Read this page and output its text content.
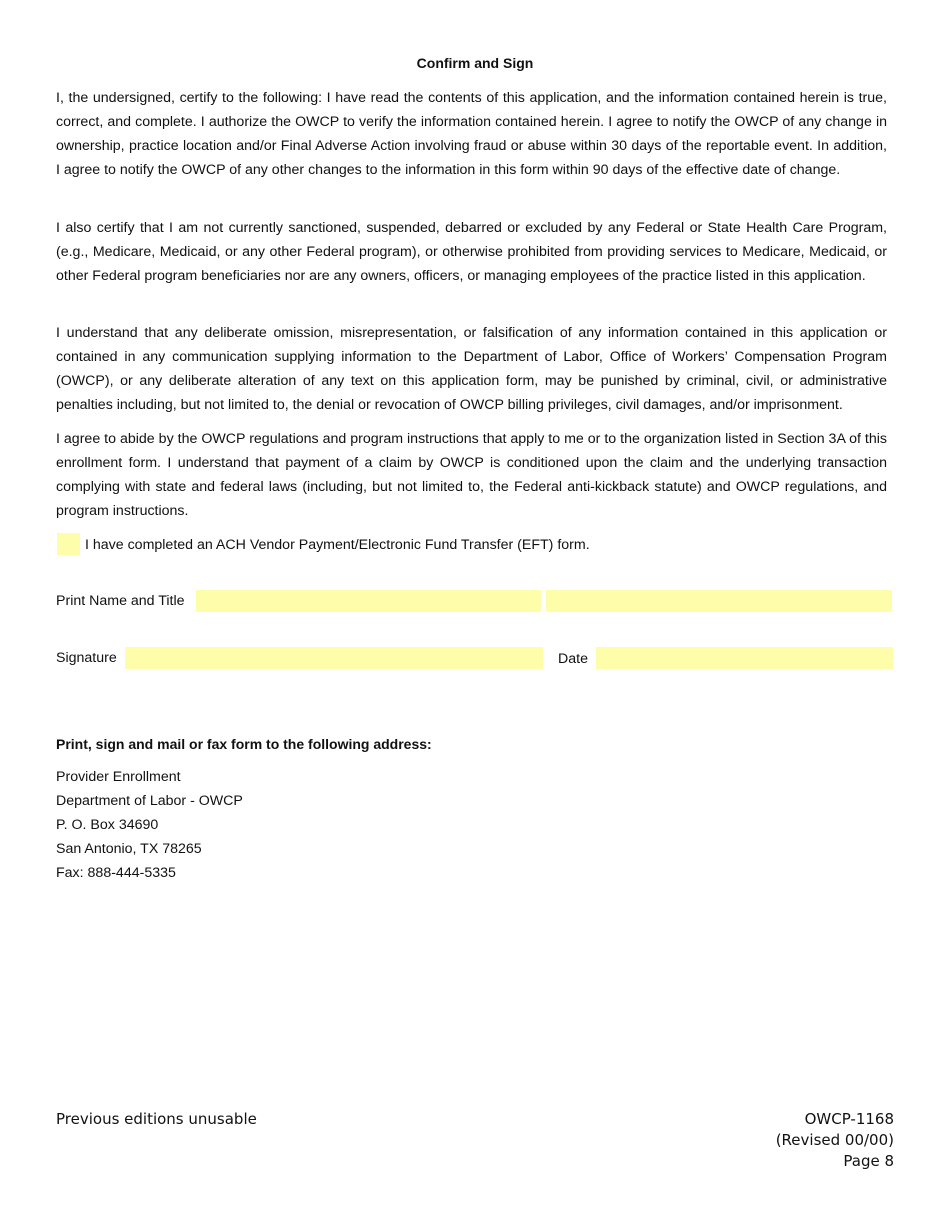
Confirm and Sign

I, the undersigned, certify to the following: I have read the contents of this application, and the information contained herein is true, correct, and complete. I authorize the OWCP to verify the information contained herein. I agree to notify the OWCP of any change in ownership, practice location and/or Final Adverse Action involving fraud or abuse within 30 days of the reportable event. In addition, I agree to notify the OWCP of any other changes to the information in this form within 90 days of the effective date of change.

I also certify that I am not currently sanctioned, suspended, debarred or excluded by any Federal or State Health Care Program, (e.g., Medicare, Medicaid, or any other Federal program), or otherwise prohibited from providing services to Medicare, Medicaid, or other Federal program beneficiaries nor are any owners, officers, or managing employees of the practice listed in this application.

I understand that any deliberate omission, misrepresentation, or falsification of any information contained in this application or contained in any communication supplying information to the Department of Labor, Office of Workers’ Compensation Program (OWCP), or any deliberate alteration of any text on this application form, may be punished by criminal, civil, or administrative penalties including, but not limited to, the denial or revocation of OWCP billing privileges, civil damages, and/or imprisonment.

I agree to abide by the OWCP regulations and program instructions that apply to me or to the organization listed in Section 3A of this enrollment form. I understand that payment of a claim by OWCP is conditioned upon the claim and the underlying transaction complying with state and federal laws (including, but not limited to, the Federal anti-kickback statute) and OWCP regulations, and program instructions.

I have completed an ACH Vendor Payment/Electronic Fund Transfer (EFT) form.
Print Name and Title
Signature	Date
Print, sign and mail or fax form to the following address:
Provider Enrollment
Department of Labor - OWCP
P. O. Box 34690
San Antonio, TX 78265
Fax: 888-444-5335
Previous editions unusable	OWCP-1168
(Revised 00/00)
Page 8
